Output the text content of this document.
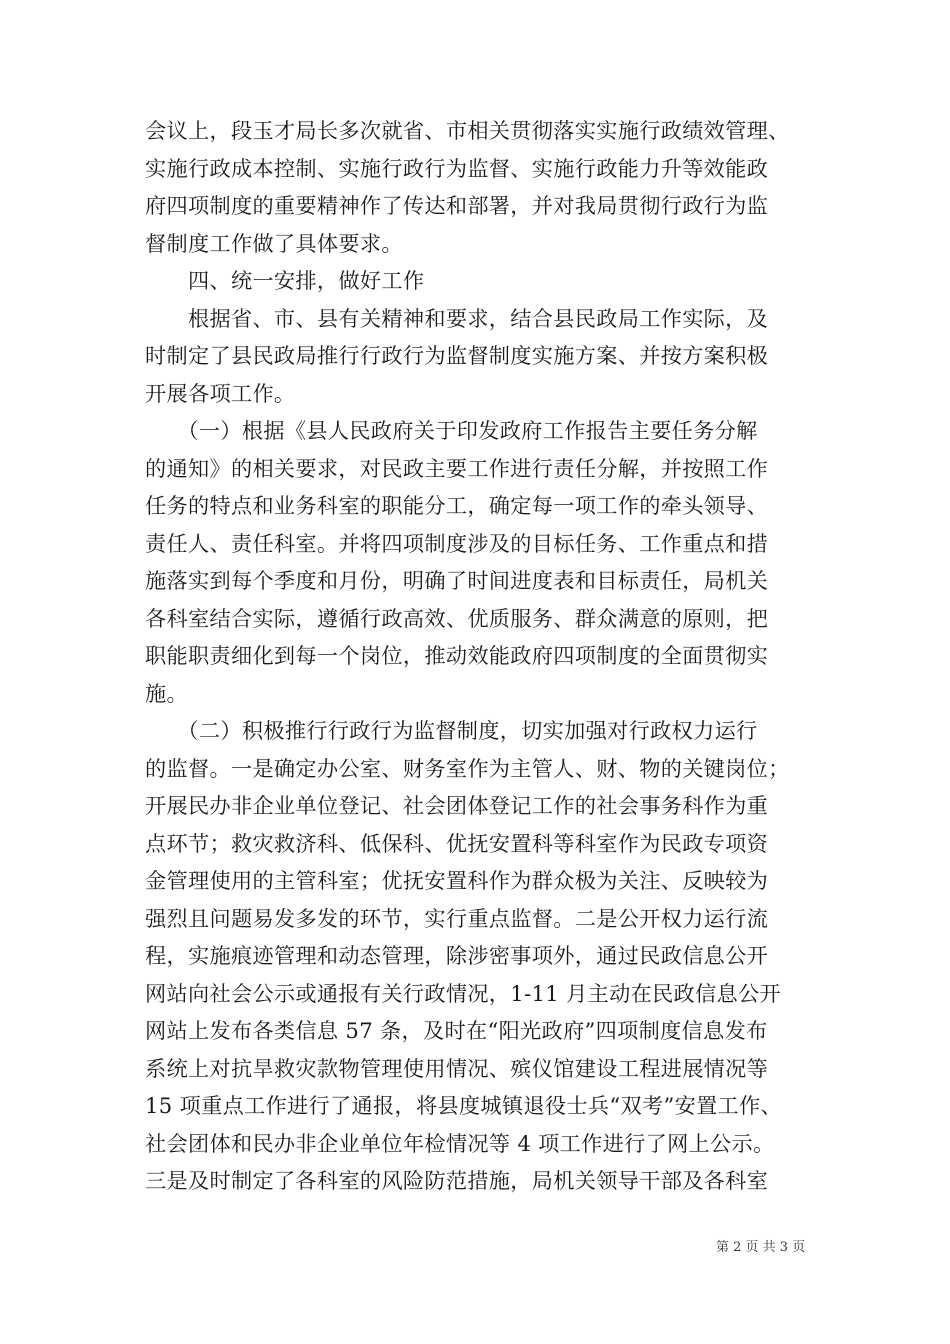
会议上，段玉才局长多次就省、市相关贯彻落实实施行政绩效管理、
实施行政成本控制、实施行政行为监督、实施行政能力升等效能政
府四项制度的重要精神作了传达和部署，并对我局贯彻行政行为监
督制度工作做了具体要求。
　　四、统一安排，做好工作
　　根据省、市、县有关精神和要求，结合县民政局工作实际，及
时制定了县民政局推行行政行为监督制度实施方案、并按方案积极
开展各项工作。
　　（一）根据《县人民政府关于印发政府工作报告主要任务分解
的通知》的相关要求，对民政主要工作进行责任分解，并按照工作
任务的特点和业务科室的职能分工，确定每一项工作的牵头领导、
责任人、责任科室。并将四项制度涉及的目标任务、工作重点和措
施落实到每个季度和月份，明确了时间进度表和目标责任，局机关
各科室结合实际，遵循行政高效、优质服务、群众满意的原则，把
职能职责细化到每一个岗位，推动效能政府四项制度的全面贯彻实
施。
　　（二）积极推行行政行为监督制度，切实加强对行政权力运行
的监督。一是确定办公室、财务室作为主管人、财、物的关键岗位；
开展民办非企业单位登记、社会团体登记工作的社会事务科作为重
点环节；救灾救济科、低保科、优抚安置科等科室作为民政专项资
金管理使用的主管科室；优抚安置科作为群众极为关注、反映较为
强烈且问题易发多发的环节，实行重点监督。二是公开权力运行流
程，实施痕迹管理和动态管理，除涉密事项外，通过民政信息公开
网站向社会公示或通报有关行政情况，1-11 月主动在民政信息公开
网站上发布各类信息 57 条，及时在“阳光政府”四项制度信息发布
系统上对抗旱救灾款物管理使用情况、殡仪馆建设工程进展情况等
15 项重点工作进行了通报，将县度城镇退役士兵“双考”安置工作、
社会团体和民办非企业单位年检情况等 4 项工作进行了网上公示。
三是及时制定了各科室的风险防范措施，局机关领导干部及各科室
第 2 页 共 3 页
